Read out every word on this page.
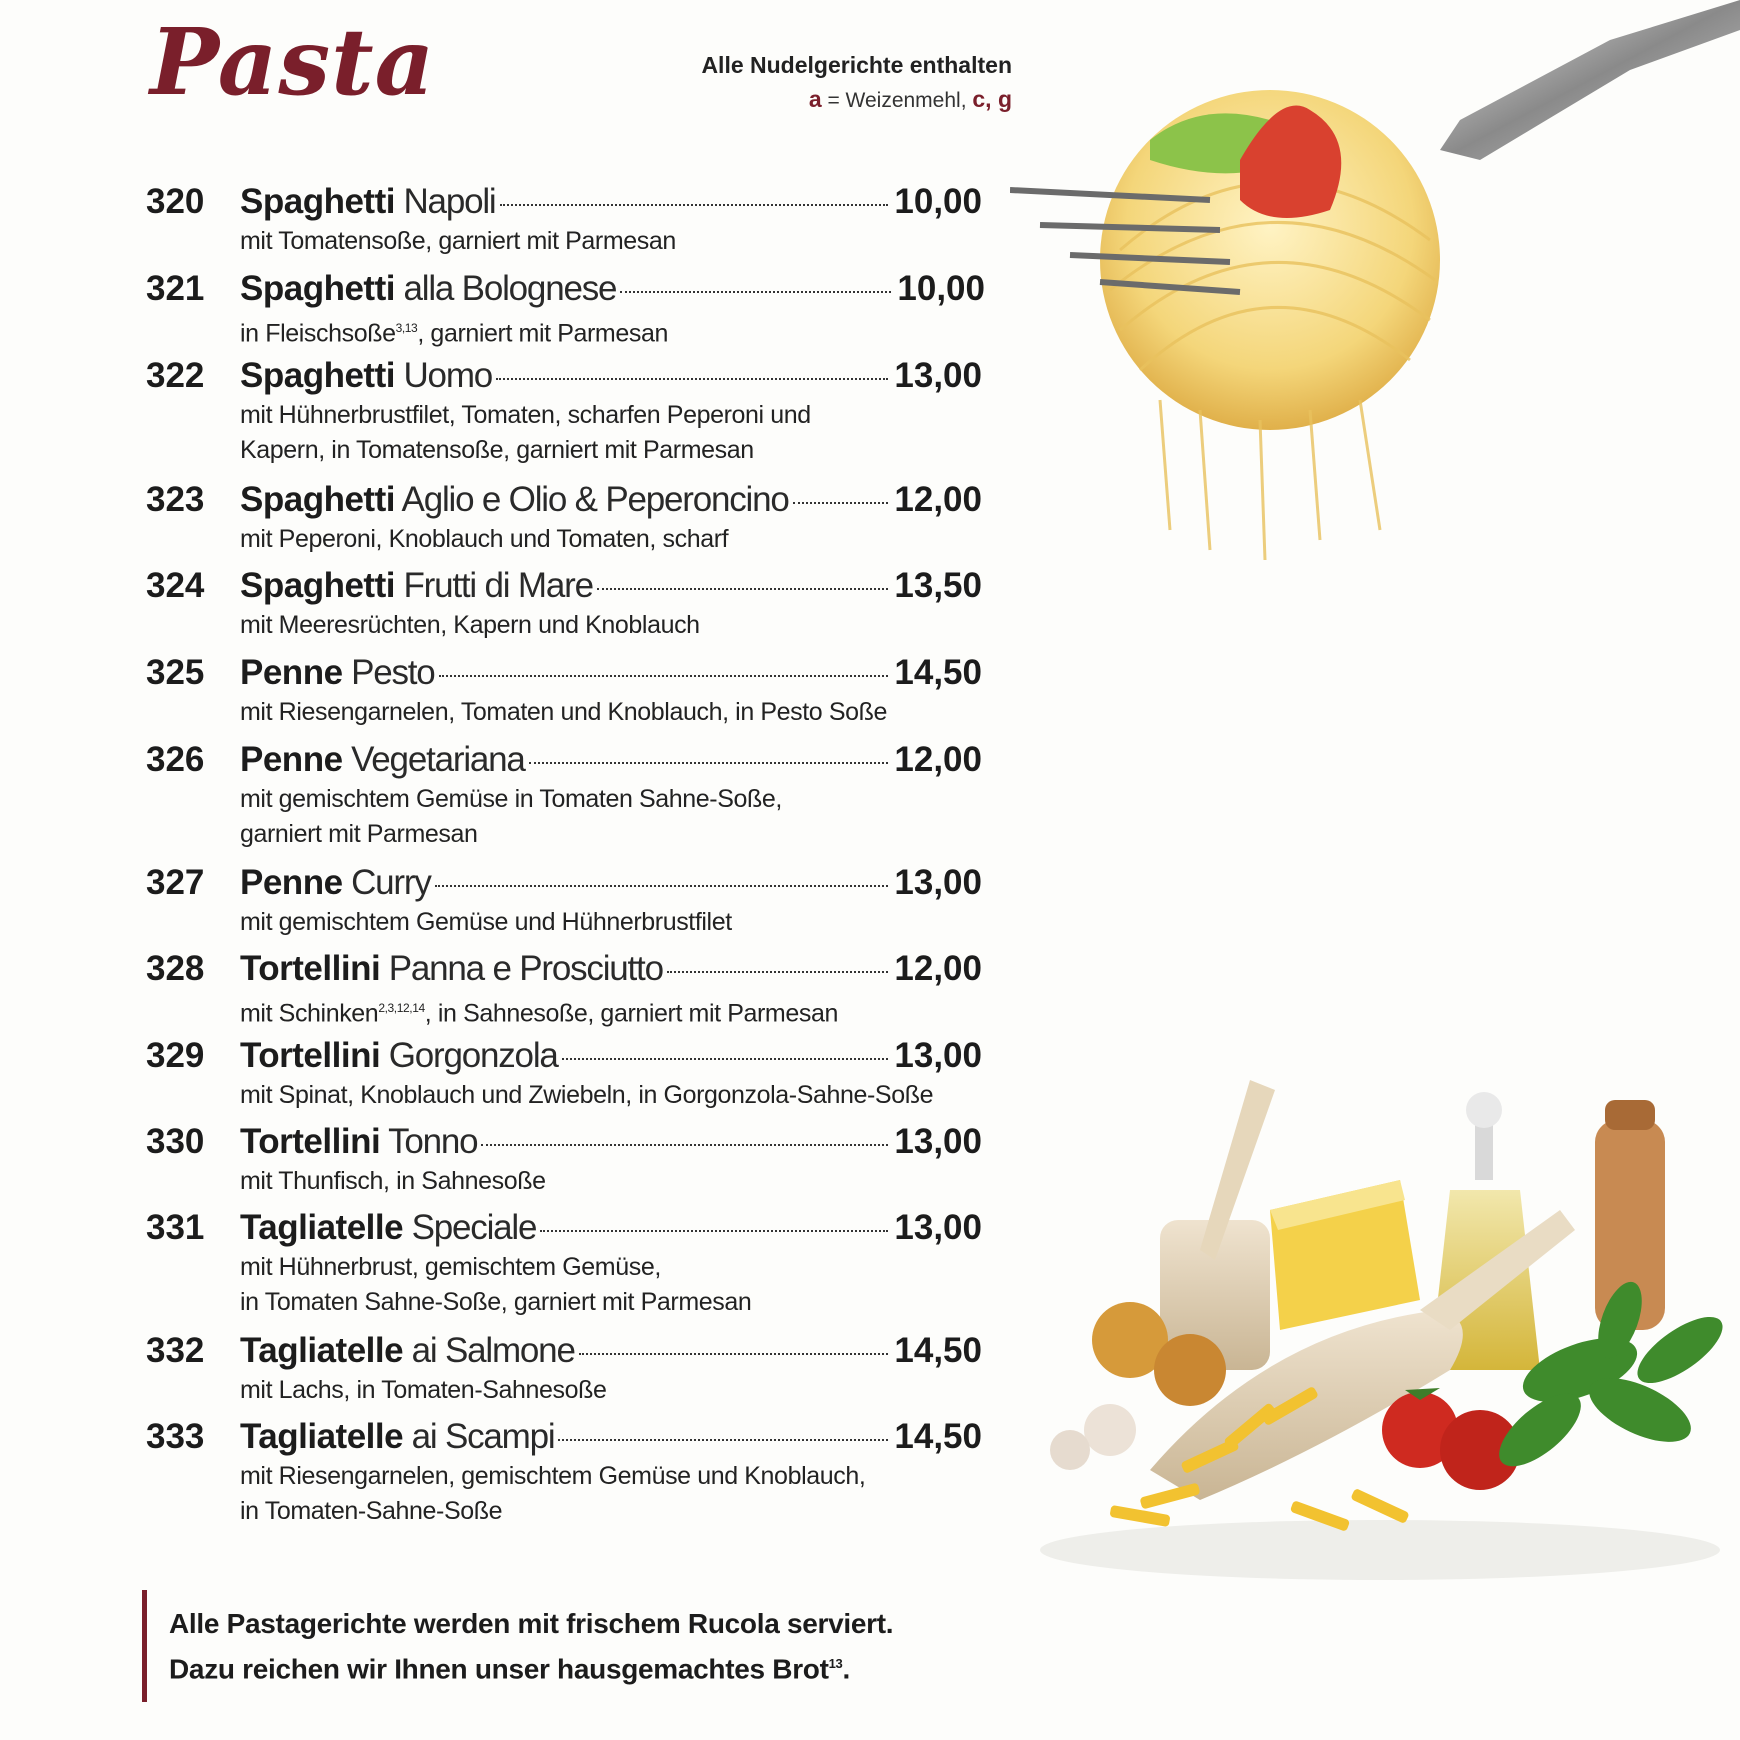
Pasta	Alle Nudelgerichte enthalten
a = Weizenmehl, c, g
320 Spaghetti Napoli	10,00
mit Tomatensoße, garniert mit Parmesan
321 Spaghetti alla Bolognese	10,00
in Fleischsoße$^{3,13}$, garniert mit Parmesan
322 Spaghetti Uomo	13,00
mit Hühnerbrustfilet, Tomaten, scharfen Peperoni und
Kapern, in Tomatensoße, garniert mit Parmesan
323 Spaghetti Aglio e Olio & Peperoncino	12,00
mit Peperoni, Knoblauch und Tomaten, scharf
324 Spaghetti Frutti di Mare	13,50
mit Meeresrüchten, Kapern und Knoblauch
325 Penne Pesto	14,50
mit Riesengarnelen, Tomaten und Knoblauch, in Pesto Soße
326 Penne Vegetariana	12,00
mit gemischtem Gemüse in Tomaten Sahne-Soße,
garniert mit Parmesan
327 Penne Curry	13,00
mit gemischtem Gemüse und Hühnerbrustfilet
328 Tortellini Panna e Prosciutto	12,00
mit Schinken$^{2,3,12,14}$, in Sahnesoße, garniert mit Parmesan
329 Tortellini Gorgonzola	13,00
mit Spinat, Knoblauch und Zwiebeln, in Gorgonzola-Sahne-Soße
330 Tortellini Tonno	13,00
mit Thunfisch, in Sahnesoße
331 Tagliatelle Speciale	13,00
mit Hühnerbrust, gemischtem Gemüse,
in Tomaten Sahne-Soße, garniert mit Parmesan
332 Tagliatelle ai Salmone	14,50
mit Lachs, in Tomaten-Sahnesoße
333 Tagliatelle ai Scampi	14,50
mit Riesengarnelen, gemischtem Gemüse und Knoblauch,
in Tomaten-Sahne-Soße
Alle Pastagerichte werden mit frischem Rucola serviert.
Dazu reichen wir Ihnen unser hausgemachtes Brot$^{13}$.
